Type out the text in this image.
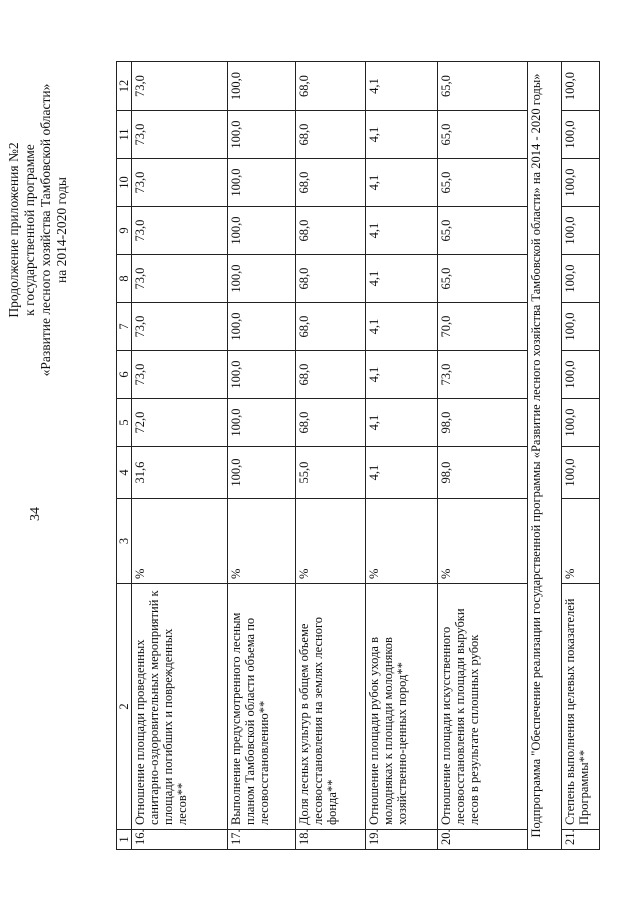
34
Продолжение приложения №2 к государственной программе «Развитие лесного хозяйства Тамбовской области» на 2014-2020 годы
1	2	3	4	5	6	7	8	9	10	11	12
16.	Отношение площади проведенных санитарно-оздоровительных мероприятий к площади погибших и поврежденных лесов**	%	31,6	72,0	73,0	73,0	73,0	73,0	73,0	73,0	73,0
17.	Выполнение предусмотренного лесным планом Тамбовской области объема по лесовосстановлению**	%	100,0	100,0	100,0	100,0	100,0	100,0	100,0	100,0	100,0
18.	Доля лесных культур в общем объеме лесовосстановления на землях лесного фонда**	%	55,0	68,0	68,0	68,0	68,0	68,0	68,0	68,0	68,0
19.	Отношение площади рубок ухода в молодняках к площади молодняков хозяйственно-ценных пород**	%	4,1	4,1	4,1	4,1	4,1	4,1	4,1	4,1	4,1
20.	Отношение площади искусственного лесовосстановления к площади вырубки лесов в результате сплошных рубок	%	98,0	98,0	73,0	70,0	65,0	65,0	65,0	65,0	65,0
Подпрограмма "Обеспечение реализации государственной программы «Развитие лесного хозяйства Тамбовской области» на 2014 - 2020 годы»											
21.	Степень выполнения целевых показателей Программы**	%	100,0	100,0	100,0	100,0	100,0	100,0	100,0	100,0	100,0
